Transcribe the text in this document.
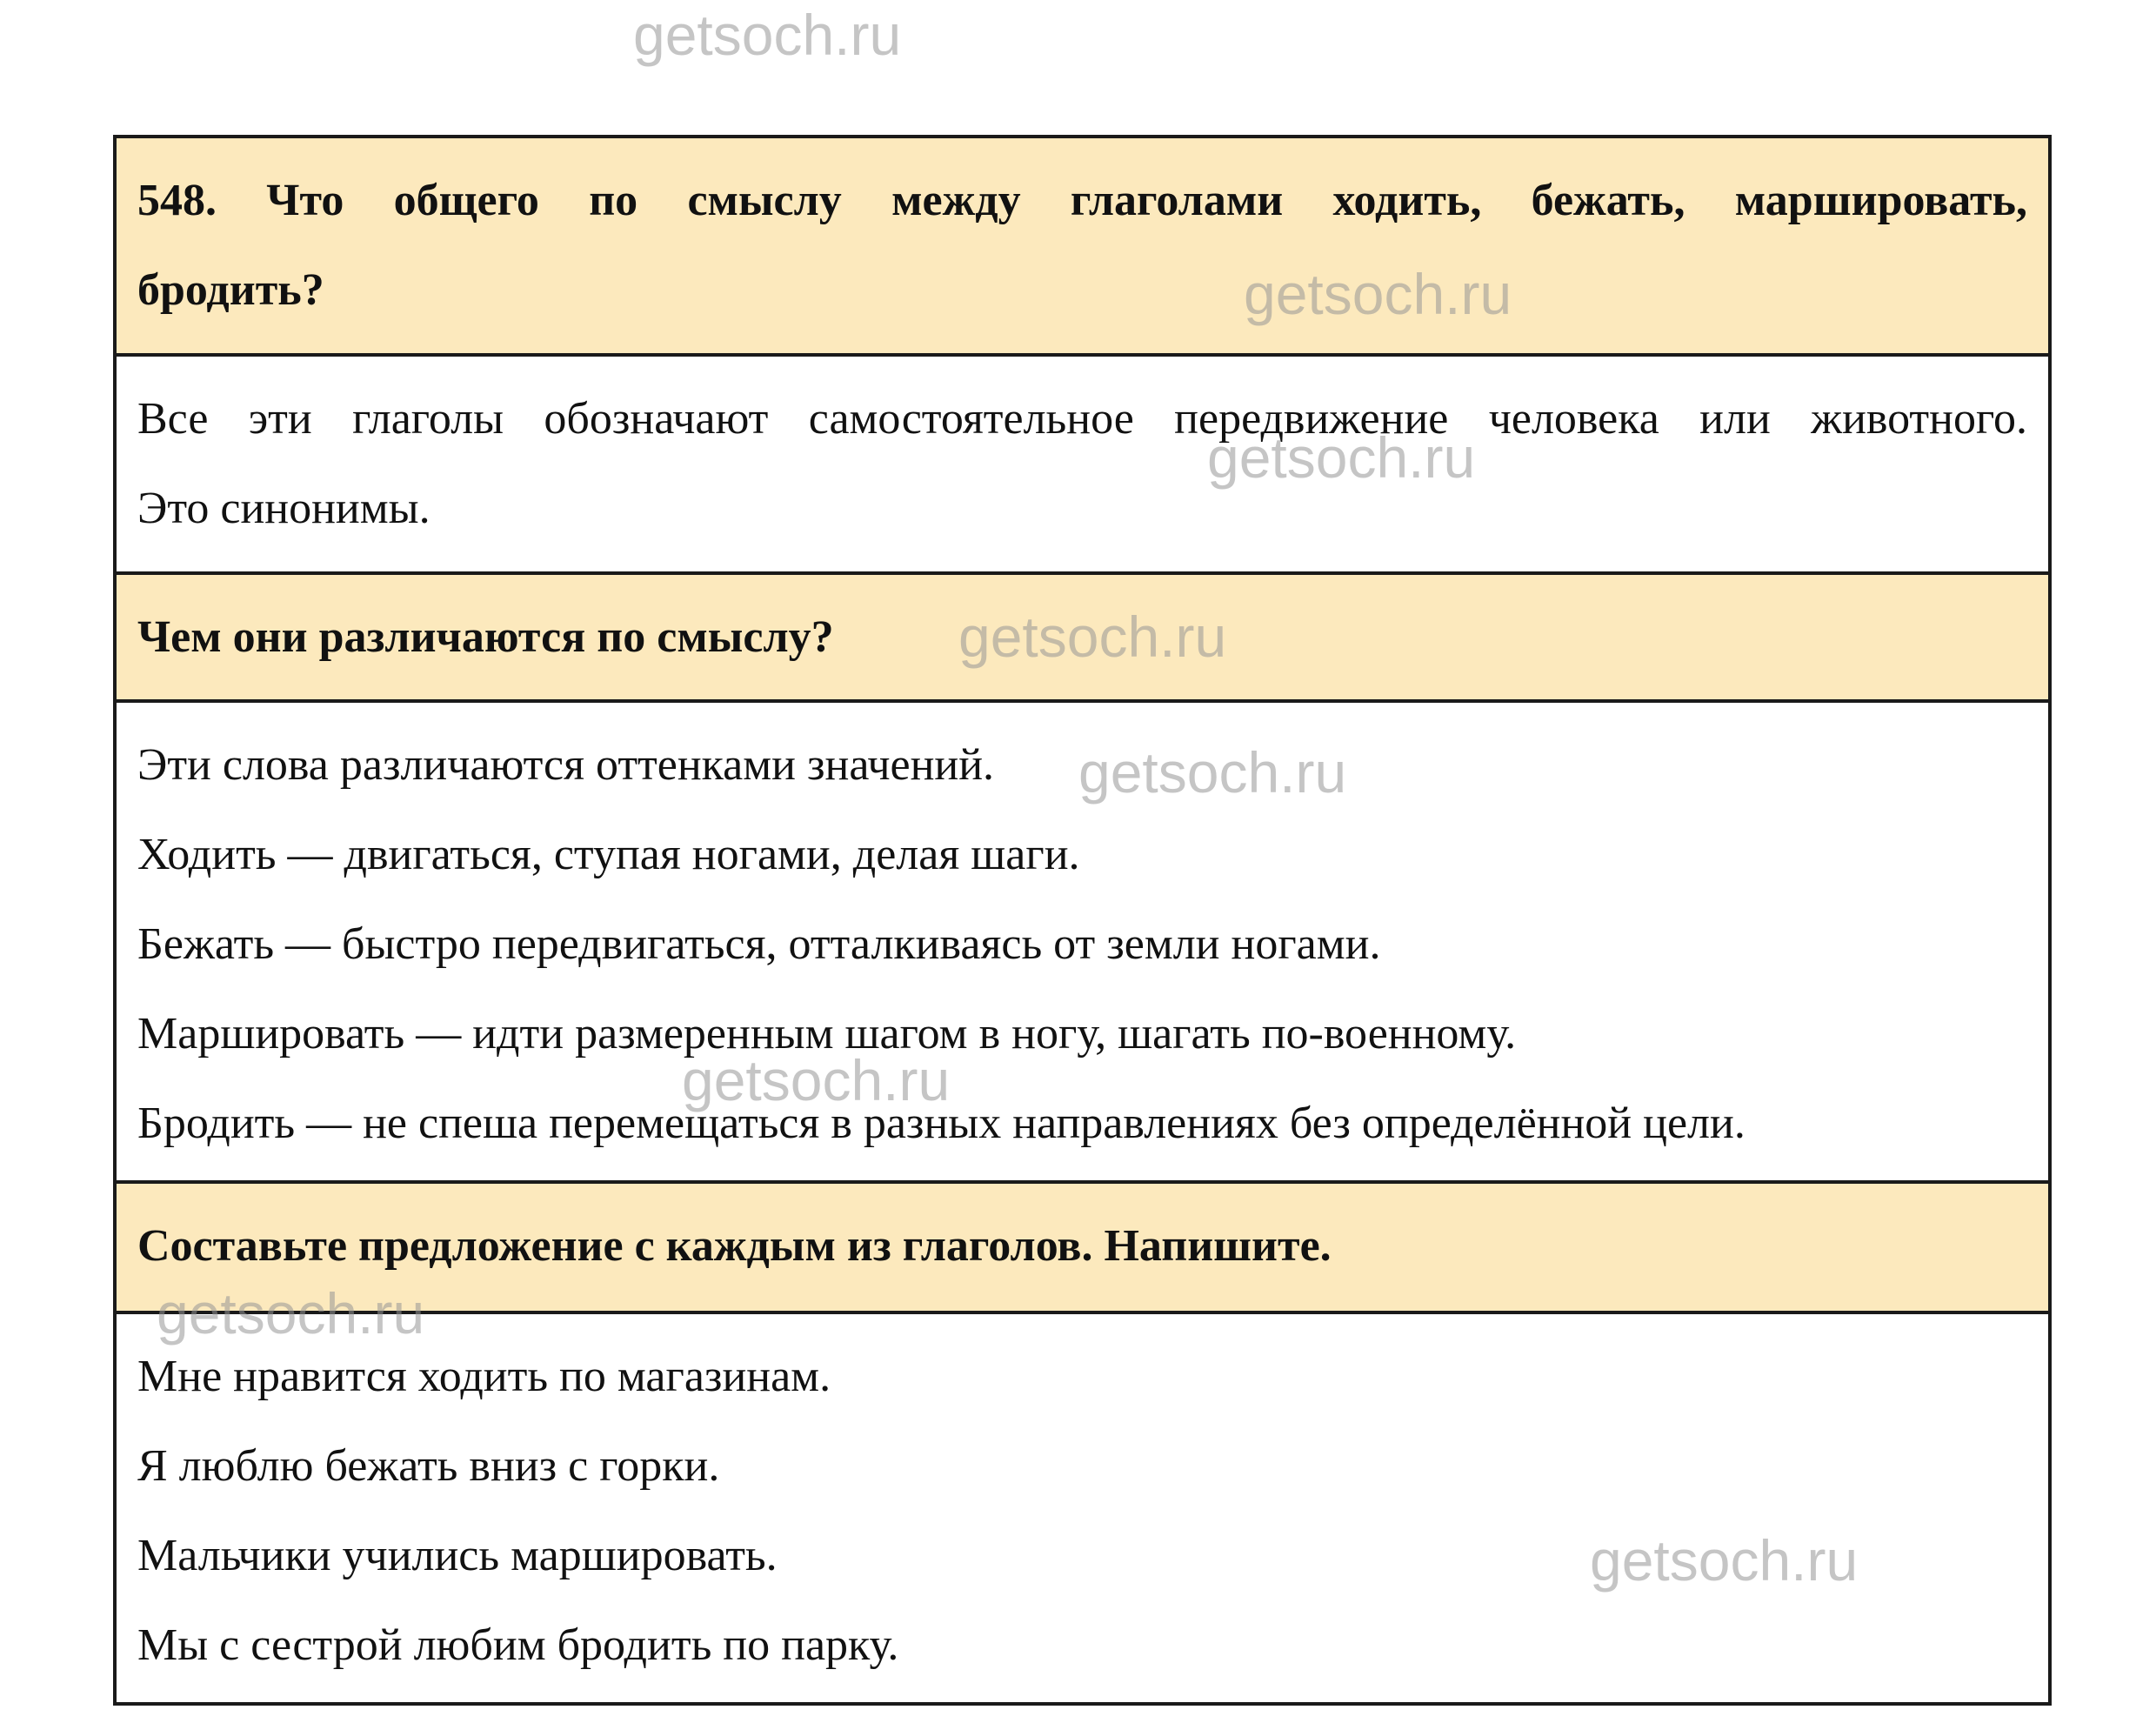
548. Что общего по смыслу между глаголами ходить, бежать, маршировать,
бродить?
Все эти глаголы обозначают самостоятельное передвижение человека или животного.
Это синонимы.
Чем они различаются по смыслу?
Эти слова различаются оттенками значений.
Ходить — двигаться, ступая ногами, делая шаги.
Бежать — быстро передвигаться, отталкиваясь от земли ногами.
Маршировать — идти размеренным шагом в ногу, шагать по-военному.
Бродить — не спеша перемещаться в разных направлениях без определённой цели.
Составьте предложение с каждым из глаголов. Напишите.
Мне нравится ходить по магазинам.
Я люблю бежать вниз с горки.
Мальчики учились маршировать.
Мы с сестрой любим бродить по парку.
getsoch.ru
getsoch.ru
getsoch.ru
getsoch.ru
getsoch.ru
getsoch.ru
getsoch.ru
getsoch.ru
